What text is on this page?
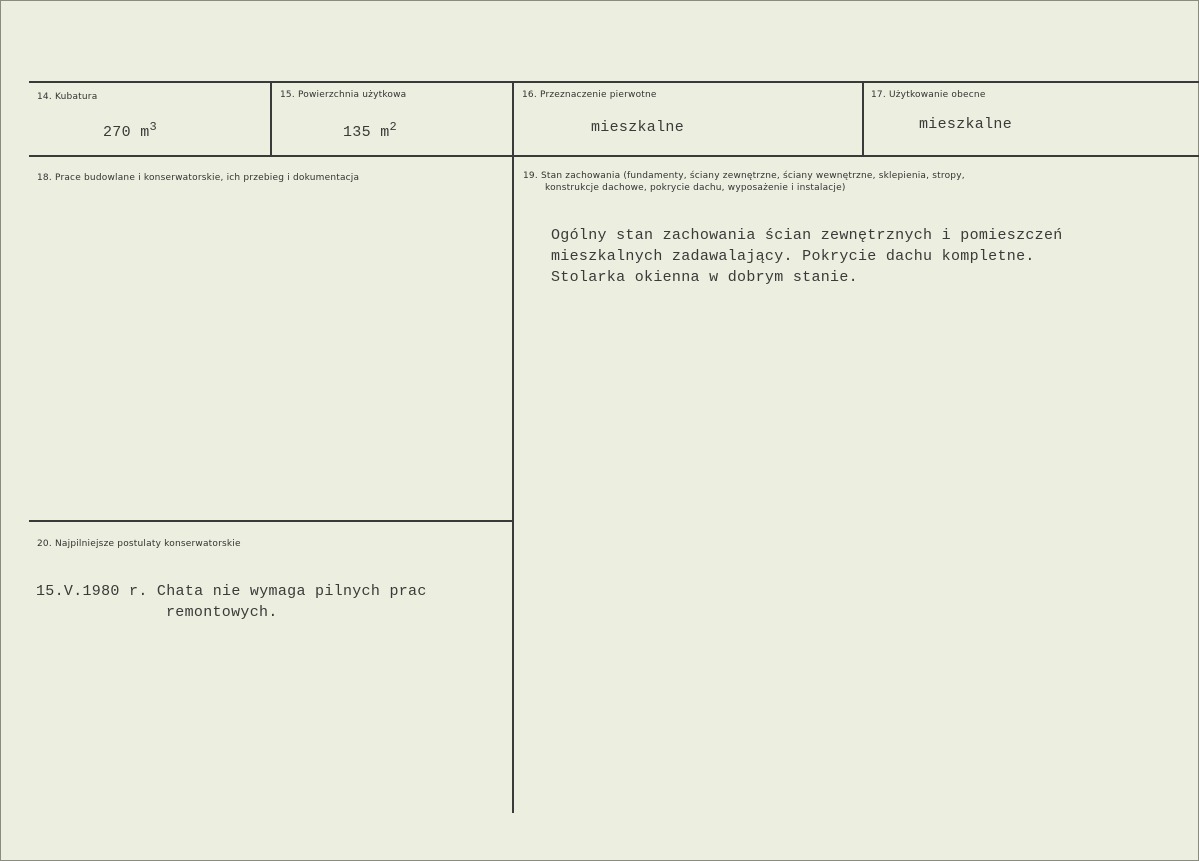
14. Kubatura
270 $m^3$
15. Powierzchnia użytkowa
135 $m^2$
16. Przeznaczenie pierwotne
mieszkalne
17. Użytkowanie obecne
mieszkalne
18. Prace budowlane i konserwatorskie, ich przebieg i dokumentacja	19. Stan zachowania (fundamenty, ściany zewnętrzne, ściany wewnętrzne, sklepienia, stropy,
konstrukcje dachowe, pokrycie dachu, wyposażenie i instalacje)
Ogólny stan zachowania ścian zewnętrznych i pomieszczeń
mieszkalnych zadawalający. Pokrycie dachu kompletne.
Stolarka okienna w dobrym stanie.
20. Najpilniejsze postulaty konserwatorskie
15.V.1980 r. Chata nie wymaga pilnych prac
remontowych.
